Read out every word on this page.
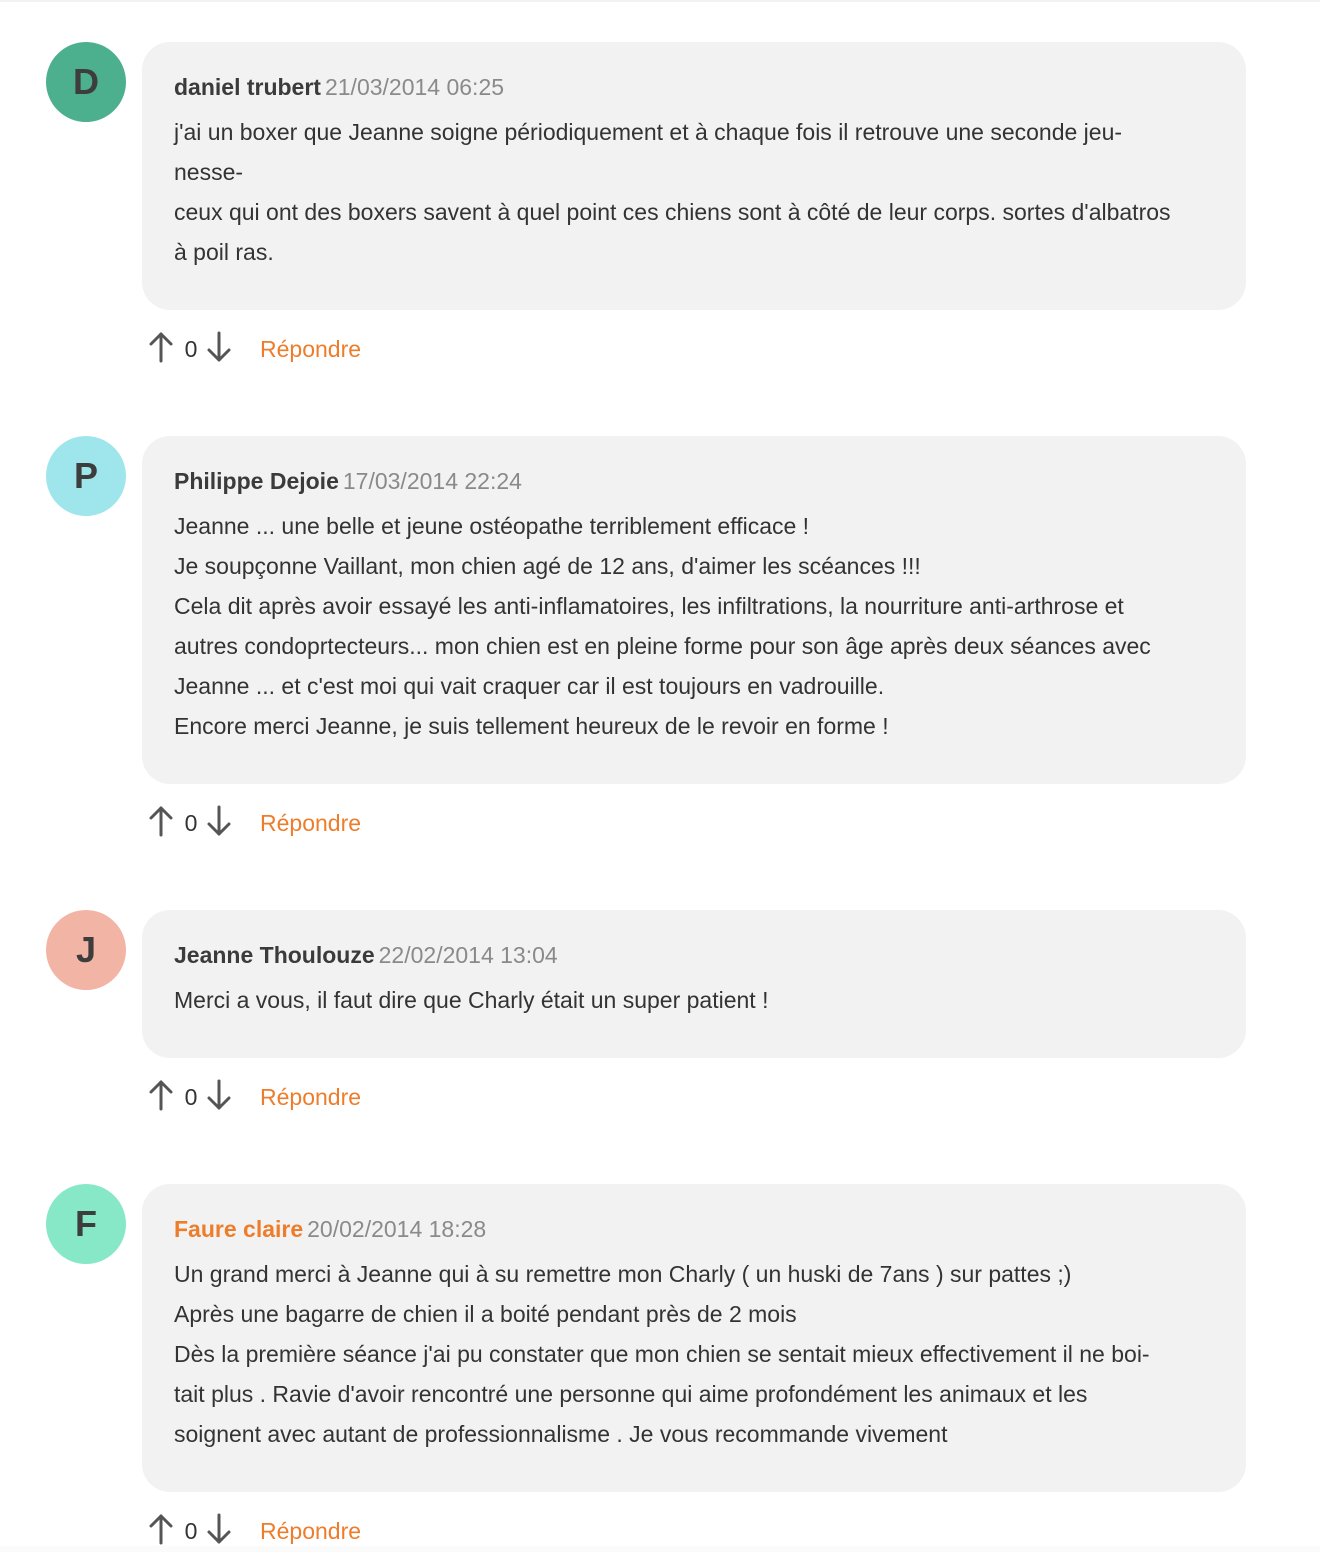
D	daniel trubert 21/03/2014 06:25
j'ai un boxer que Jeanne soigne périodiquement et à chaque fois il retrouve une seconde jeu-
nesse-
ceux qui ont des boxers savent à quel point ces chiens sont à côté de leur corps. sortes d'albatros
à poil ras.
0	Répondre
P	Philippe Dejoie 17/03/2014 22:24
Jeanne ... une belle et jeune ostéopathe terriblement efficace !
Je soupçonne Vaillant, mon chien agé de 12 ans, d'aimer les scéances !!!
Cela dit après avoir essayé les anti-inflamatoires, les infiltrations, la nourriture anti-arthrose et
autres condoprtecteurs... mon chien est en pleine forme pour son âge après deux séances avec
Jeanne ... et c'est moi qui vait craquer car il est toujours en vadrouille.
Encore merci Jeanne, je suis tellement heureux de le revoir en forme !
0	Répondre
J	Jeanne Thoulouze 22/02/2014 13:04
Merci a vous, il faut dire que Charly était un super patient !
0	Répondre
F	Faure claire 20/02/2014 18:28
Un grand merci à Jeanne qui à su remettre mon Charly ( un huski de 7ans ) sur pattes ;)
Après une bagarre de chien il a boité pendant près de 2 mois
Dès la première séance j'ai pu constater que mon chien se sentait mieux effectivement il ne boi-
tait plus . Ravie d'avoir rencontré une personne qui aime profondément les animaux et les
soignent avec autant de professionnalisme . Je vous recommande vivement
0	Répondre
